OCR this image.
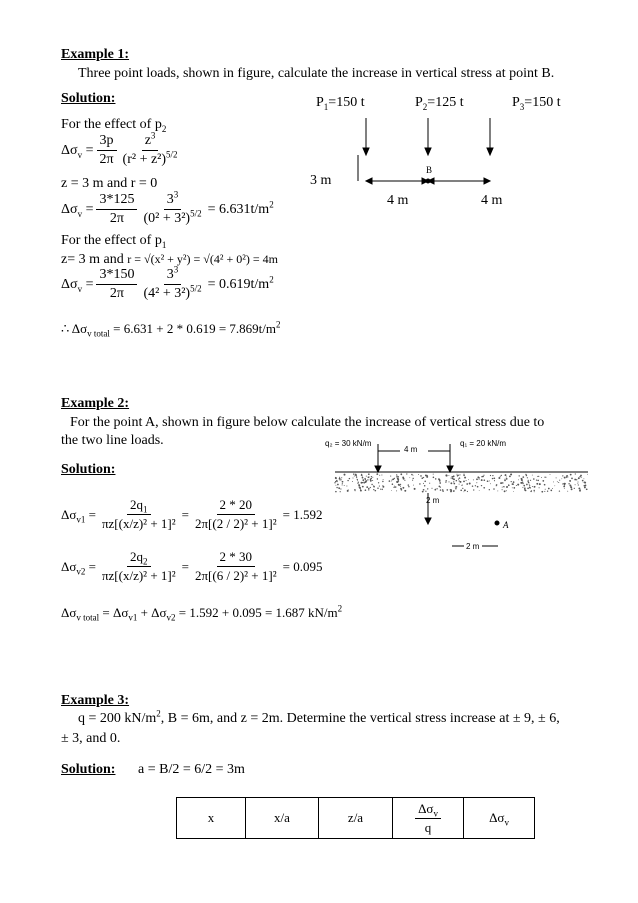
Example 1:
Three point loads, shown in figure, calculate the increase in vertical stress at point B.
Solution:
For the effect of $p_2$
$\Delta\sigma_v = \frac{3p}{2\pi} \frac{z^3}{(r^2 + z^2)^{5/2}}$
z = 3 m and r = 0
$\Delta\sigma_v = \frac{3*125}{2\pi} \frac{3^3}{(0^2 + 3^2)^{5/2}} = 6.631t/m^2$
For the effect of $p_1$
z= 3 m and r = √(x² + y²) = √(4² + 0²) = 4m
$\Delta\sigma_v = \frac{3*150}{2\pi} \frac{3^3}{(4^2 + 3^2)^{5/2}} = 0.619t/m^2$
∴ $\Delta\sigma_{v total} = 6.631 + 2 * 0.619 = 7.869t/m^2$
$P_1=150$ t	$P_2=125$ t	$P_3=150$ t
3 m
B
4 m	4 m
Example 2:
For the point A, shown in figure below calculate the increase of vertical stress due to
the two line loads.
Solution:
$\Delta\sigma_{v1} = \frac{2q_1}{\text{πz[(x/z)² + 1]²}} = \frac{2 * 20}{\text{2π[(2 / 2)² + 1]²}} = 1.592$
$\Delta\sigma_{v2} = \frac{2q_2}{\text{πz[(x/z)² + 1]²}} = \frac{2 * 30}{\text{2π[(6 / 2)² + 1]²}} = 0.095$
$\Delta\sigma_{v total} = \Delta\sigma_{v1} + \Delta\sigma_{v2} = 1.592 + 0.095 = 1.687$ $kN/m^2$
q₂ = 30 kN/m	q₁ = 20 kN/m
4 m
2 m
2 m
A
Example 3:
q = 200 $kN/m^2$, B = 6m, and z = 2m. Determine the vertical stress increase at ± 9, ± 6,
± 3, and 0.
Solution: a = B/2 = 6/2 = 3m
x	x/a	z/a	$\frac{\Delta\sigma_v}{q}$	$\Delta\sigma_v$
